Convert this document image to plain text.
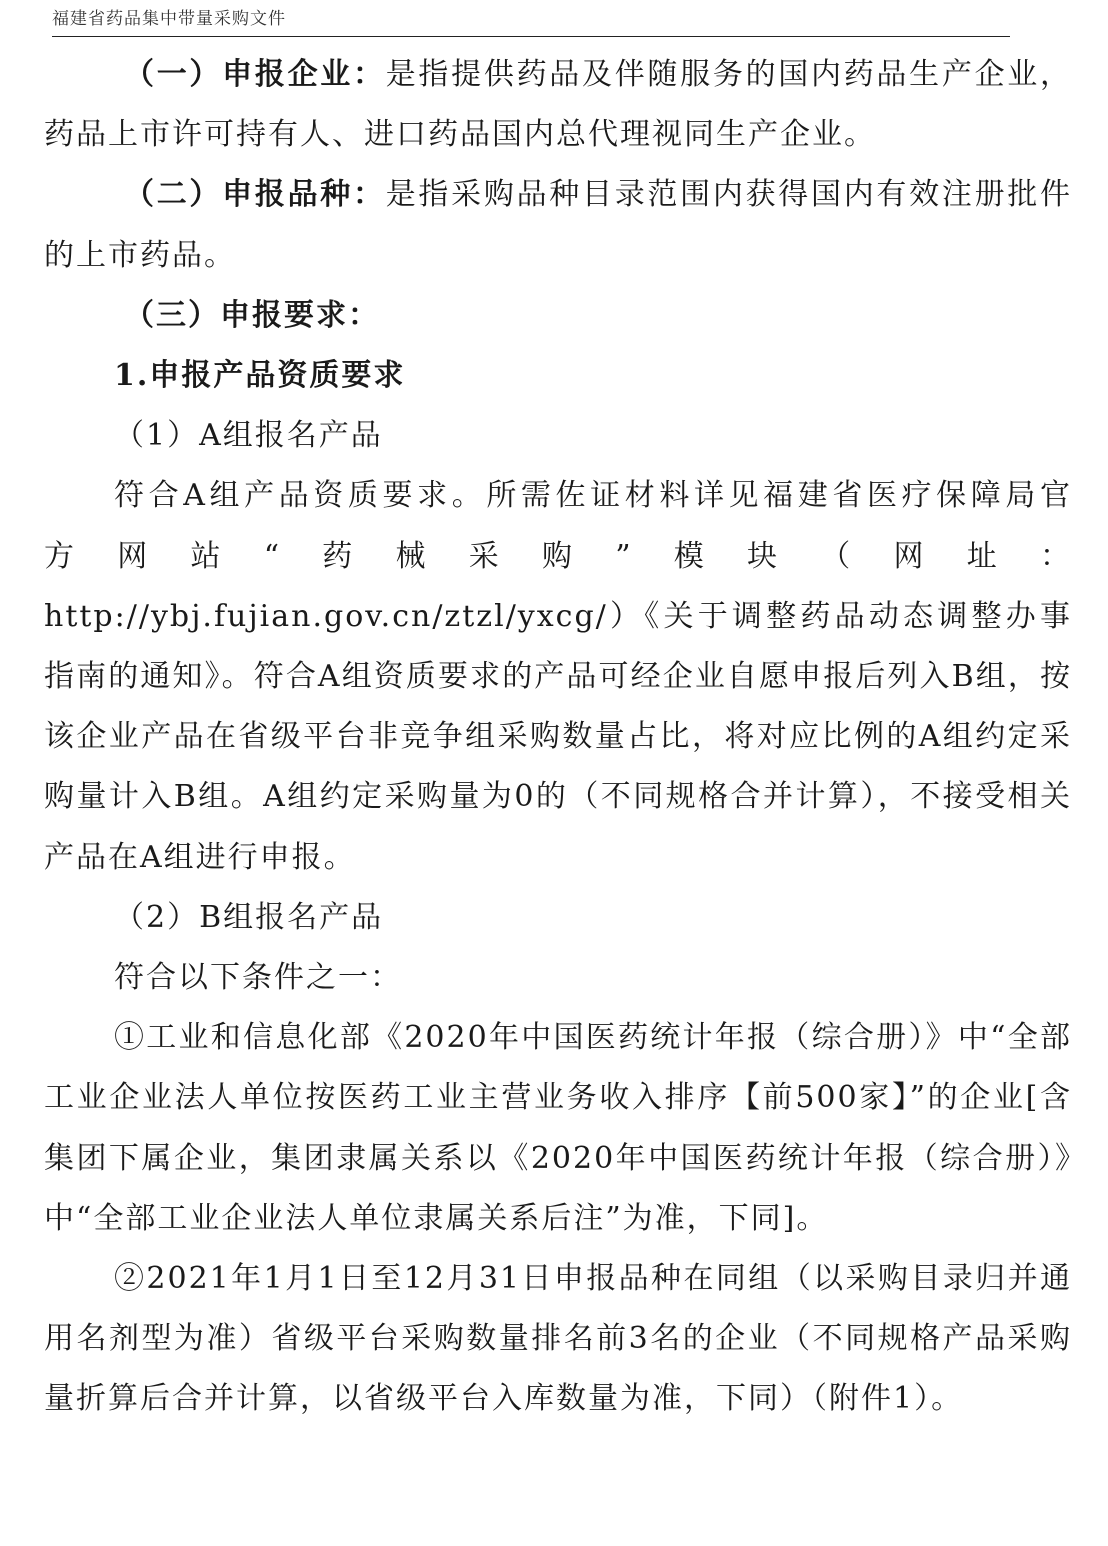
福建省药品集中带量采购文件

（一）申报企业：是指提供药品及伴随服务的国内药品生产企业，药品上市许可持有人、进口药品国内总代理视同生产企业。

（二）申报品种：是指采购品种目录范围内获得国内有效注册批件的上市药品。

（三）申报要求：

1.申报产品资质要求

（1）A组报名产品

符合A组产品资质要求。所需佐证材料详见福建省医疗保障局官

方网站“药械采购”模块（网址：

http://ybj.fujian.gov.cn/ztzl/yxcg/）《关于调整药品动态调整办事指南的通知》。符合A组资质要求的产品可经企业自愿申报后列入B组，按该企业产品在省级平台非竞争组采购数量占比，将对应比例的A组约定采购量计入B组。A组约定采购量为0的（不同规格合并计算），不接受相关产品在A组进行申报。

（2）B组报名产品

符合以下条件之一：

①工业和信息化部《2020年中国医药统计年报（综合册）》中“全部工业企业法人单位按医药工业主营业务收入排序【前500家】”的企业[含集团下属企业，集团隶属关系以《2020年中国医药统计年报（综合册）》中“全部工业企业法人单位隶属关系后注”为准，下同]。

②2021年1月1日至12月31日申报品种在同组（以采购目录归并通用名剂型为准）省级平台采购数量排名前3名的企业（不同规格产品采购量折算后合并计算，以省级平台入库数量为准，下同）（附件1）。
